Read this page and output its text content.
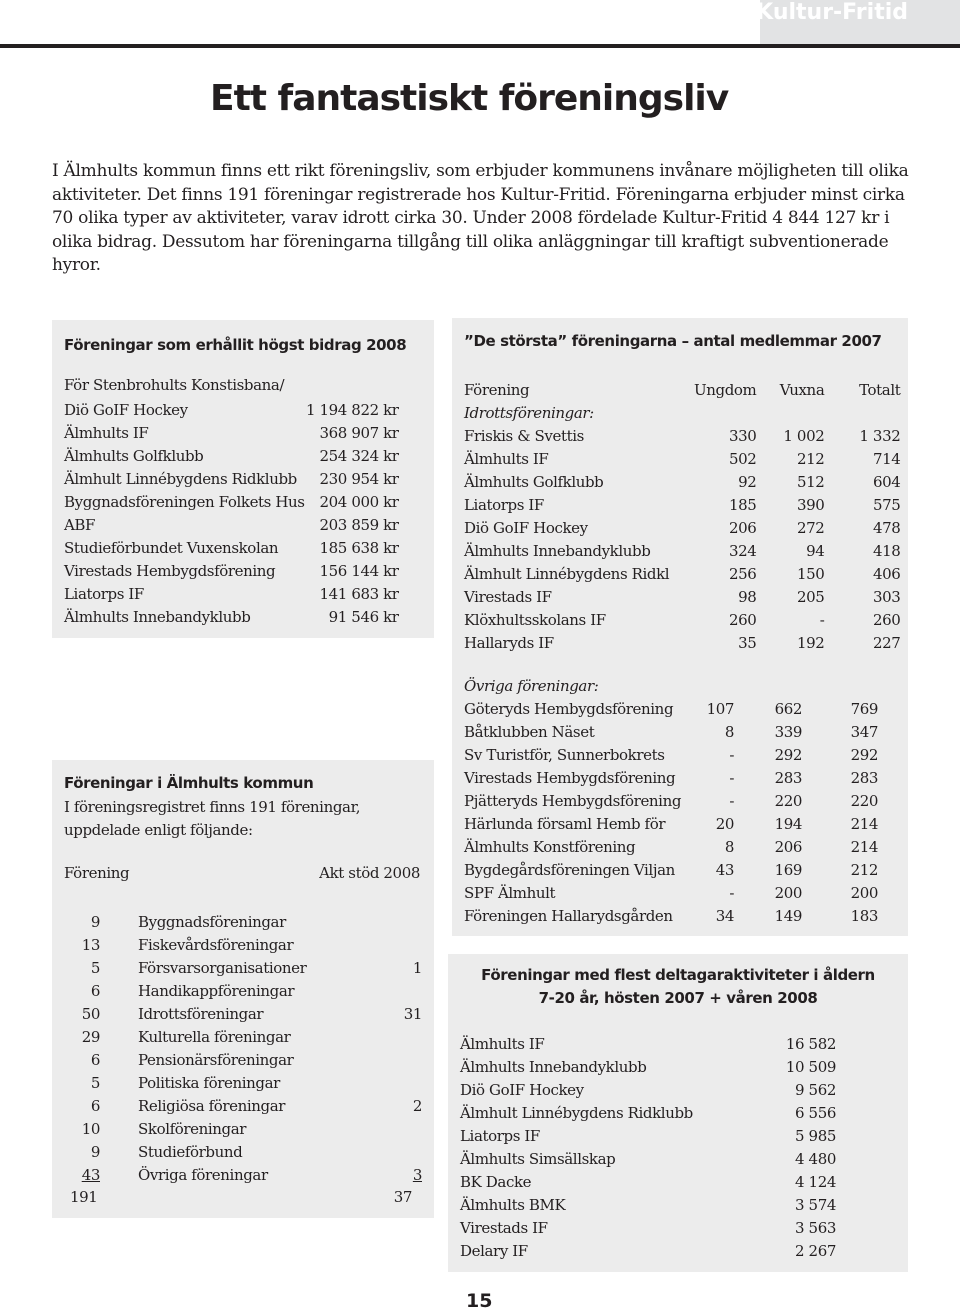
Kultur-Fritid
Ett fantastiskt föreningsliv

I Älmhults kommun finns ett rikt föreningsliv, som erbjuder kommunens invånare möjligheten till olika aktiviteter. Det finns 191 föreningar registrerade hos Kultur-Fritid. Föreningarna erbjuder minst cirka 70 olika typer av aktiviteter, varav idrott cirka 30. Under 2008 fördelade Kultur-Fritid 4 844 127 kr i olika bidrag. Dessutom har föreningarna tillgång till olika anläggningar till kraftigt subventionerade hyror.

Föreningar som erhållit högst bidrag 2008
För Stenbrohults Konstisbana/
Diö GoIF Hockey	1 194 822 kr
Älmhults IF	368 907 kr
Älmhults Golfklubb	254 324 kr
Älmhult Linnébygdens Ridklubb	230 954 kr
Byggnadsföreningen Folkets Hus	204 000 kr
ABF	203 859 kr
Studieförbundet Vuxenskolan	185 638 kr
Virestads Hembygdsförening	156 144 kr
Liatorps IF	141 683 kr
Älmhults Innebandyklubb	91 546 kr
Föreningar i Älmhults kommun
I föreningsregistret finns 191 föreningar, uppdelade enligt följande:
Förening	Akt stöd 2008
9	Byggnadsföreningar	
13	Fiskevårdsföreningar	
5	Försvarsorganisationer	1
6	Handikappföreningar	
50	Idrottsföreningar	31
29	Kulturella föreningar	
6	Pensionärsföreningar	
5	Politiska föreningar	
6	Religiösa föreningar	2
10	Skolföreningar	
9	Studieförbund	
43	Övriga föreningar	3
191	37
”De största” föreningarna – antal medlemmar 2007
Förening	Ungdom	Vuxna	Totalt
Idrottsföreningar:			
Friskis & Svettis	330	1 002	1 332
Älmhults IF	502	212	714
Älmhults Golfklubb	92	512	604
Liatorps IF	185	390	575
Diö GoIF Hockey	206	272	478
Älmhults Innebandyklubb	324	94	418
Älmhult Linnébygdens Ridkl	256	150	406
Virestads IF	98	205	303
Klöxhultsskolans IF	260	-	260
Hallaryds IF	35	192	227
Övriga föreningar:			
Göteryds Hembygdsförening	107	662	769
Båtklubben Näset	8	339	347
Sv Turistför, Sunnerbokrets	-	292	292
Virestads Hembygdsförening	-	283	283
Pjätteryds Hembygdsförening	-	220	220
Härlunda församl Hemb för	20	194	214
Älmhults Konstförening	8	206	214
Bygdegårdsföreningen Viljan	43	169	212
SPF Älmhult	-	200	200
Föreningen Hallarydsgården	34	149	183
Föreningar med flest deltagaraktiviteter i åldern
7-20 år, hösten 2007 + våren 2008
Älmhults IF	16 582
Älmhults Innebandyklubb	10 509
Diö GoIF Hockey	9 562
Älmhult Linnébygdens Ridklubb	6 556
Liatorps IF	5 985
Älmhults Simsällskap	4 480
BK Dacke	4 124
Älmhults BMK	3 574
Virestads IF	3 563
Delary IF	2 267
15
